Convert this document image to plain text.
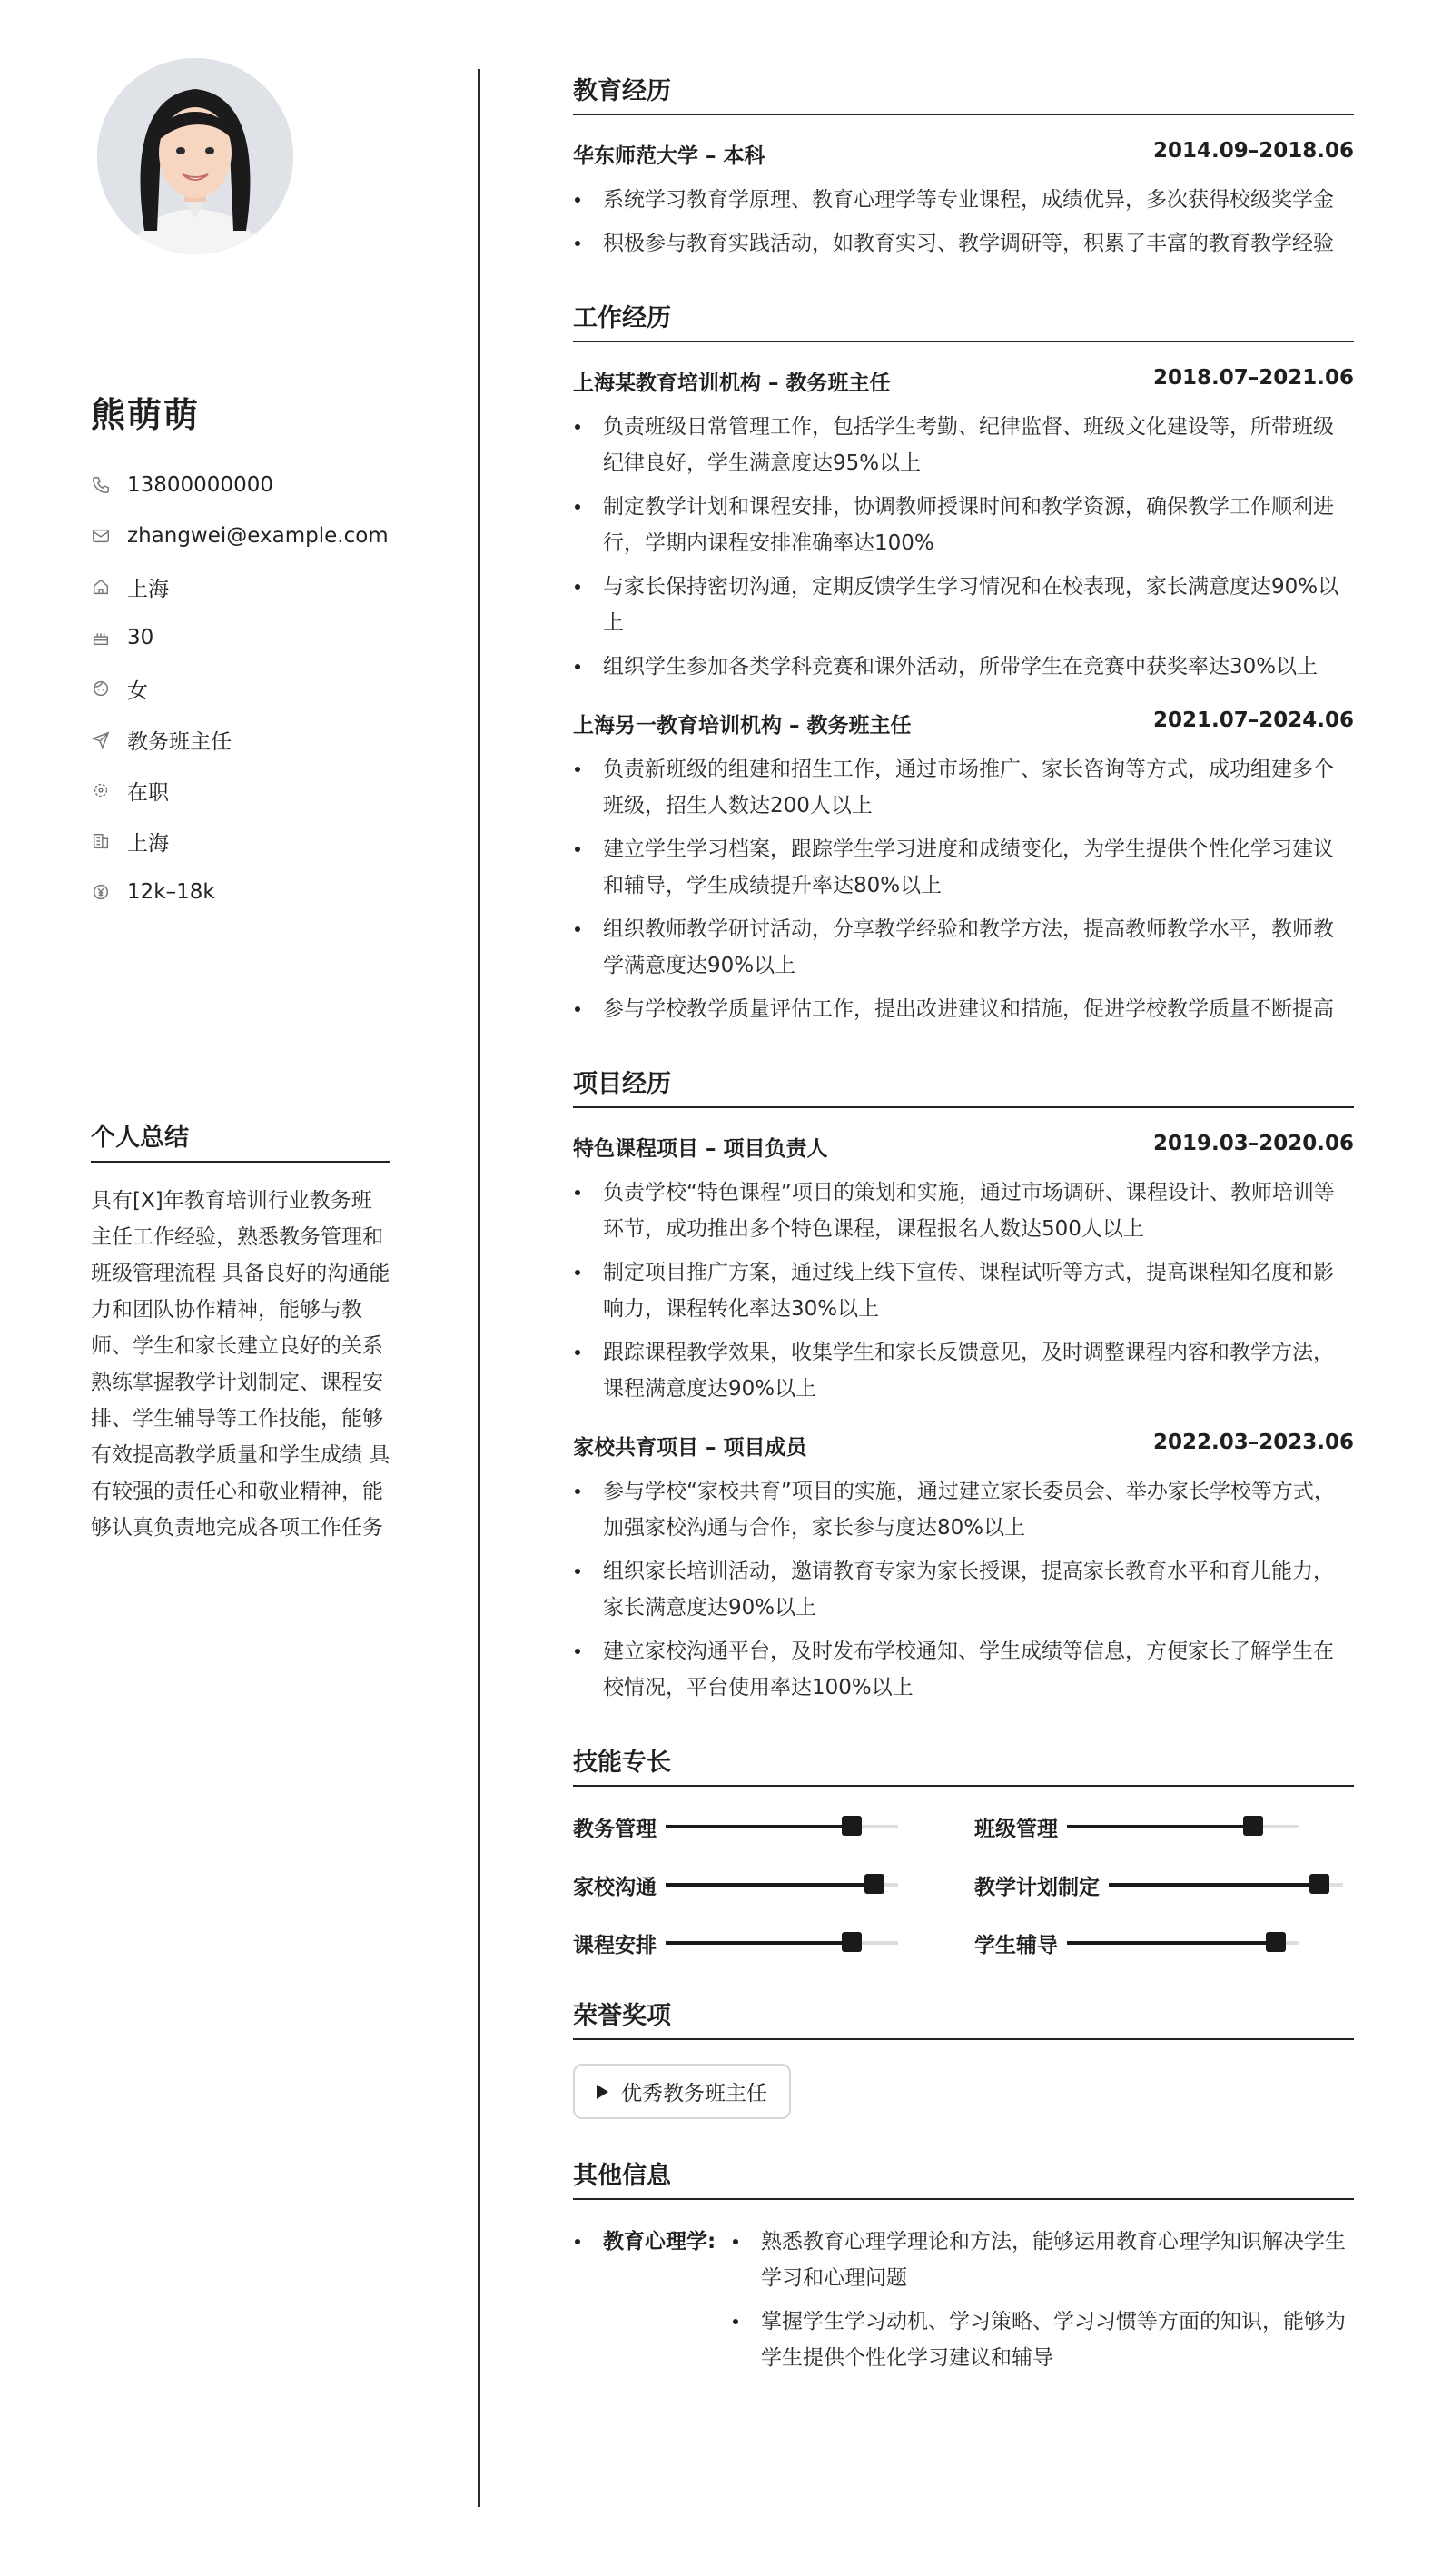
熊萌萌
13800000000
zhangwei@example.com
上海
30
女
教务班主任
在职
上海
12k–18k
个人总结
具有[X]年教育培训行业教务班主任工作经验，熟悉教务管理和班级管理流程 具备良好的沟通能力和团队协作精神，能够与教师、学生和家长建立良好的关系 熟练掌握教学计划制定、课程安排、学生辅导等工作技能，能够有效提高教学质量和学生成绩 具有较强的责任心和敬业精神，能够认真负责地完成各项工作任务
教育经历
华东师范大学 – 本科	2014.09–2018.06
系统学习教育学原理、教育心理学等专业课程，成绩优异，多次获得校级奖学金
积极参与教育实践活动，如教育实习、教学调研等，积累了丰富的教育教学经验
工作经历
上海某教育培训机构 – 教务班主任	2018.07–2021.06
负责班级日常管理工作，包括学生考勤、纪律监督、班级文化建设等，所带班级纪律良好，学生满意度达95%以上
制定教学计划和课程安排，协调教师授课时间和教学资源，确保教学工作顺利进行，学期内课程安排准确率达100%
与家长保持密切沟通，定期反馈学生学习情况和在校表现，家长满意度达90%以上
组织学生参加各类学科竞赛和课外活动，所带学生在竞赛中获奖率达30%以上
上海另一教育培训机构 – 教务班主任	2021.07–2024.06
负责新班级的组建和招生工作，通过市场推广、家长咨询等方式，成功组建多个班级，招生人数达200人以上
建立学生学习档案，跟踪学生学习进度和成绩变化，为学生提供个性化学习建议和辅导，学生成绩提升率达80%以上
组织教师教学研讨活动，分享教学经验和教学方法，提高教师教学水平，教师教学满意度达90%以上
参与学校教学质量评估工作，提出改进建议和措施，促进学校教学质量不断提高
项目经历
特色课程项目 – 项目负责人	2019.03–2020.06
负责学校“特色课程”项目的策划和实施，通过市场调研、课程设计、教师培训等环节，成功推出多个特色课程，课程报名人数达500人以上
制定项目推广方案，通过线上线下宣传、课程试听等方式，提高课程知名度和影响力，课程转化率达30%以上
跟踪课程教学效果，收集学生和家长反馈意见，及时调整课程内容和教学方法，课程满意度达90%以上
家校共育项目 – 项目成员	2022.03–2023.06
参与学校“家校共育”项目的实施，通过建立家长委员会、举办家长学校等方式，加强家校沟通与合作，家长参与度达80%以上
组织家长培训活动，邀请教育专家为家长授课，提高家长教育水平和育儿能力，家长满意度达90%以上
建立家校沟通平台，及时发布学校通知、学生成绩等信息，方便家长了解学生在校情况，平台使用率达100%以上
技能专长
教务管理	班级管理
家校沟通	教学计划制定
课程安排	学生辅导
荣誉奖项
优秀教务班主任
其他信息
教育心理学:	熟悉教育心理学理论和方法，能够运用教育心理学知识解决学生学习和心理问题
掌握学生学习动机、学习策略、学习习惯等方面的知识，能够为学生提供个性化学习建议和辅导
